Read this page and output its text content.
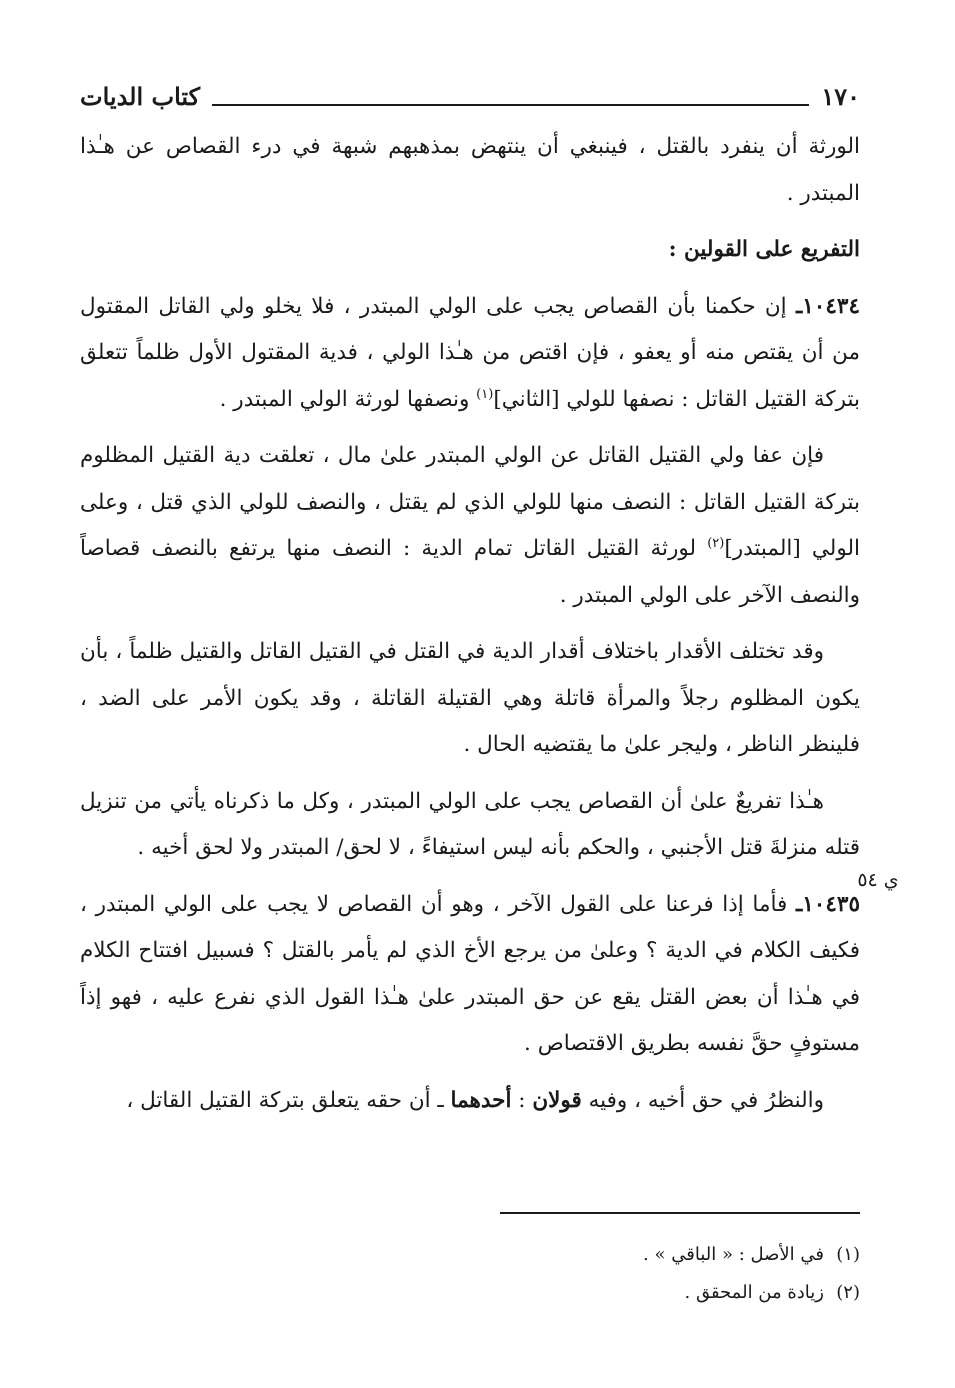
١٧٠
كتاب الديات
ي ٥٤

الورثة أن ينفرد بالقتل ، فينبغي أن ينتهض بمذهبهم شبهة في درء القصاص عن هـٰذا المبتدر .

التفريع على القولين :

١٠٤٣٤ـ إن حكمنا بأن القصاص يجب على الولي المبتدر ، فلا يخلو ولي القاتل المقتول من أن يقتص منه أو يعفو ، فإن اقتص من هـٰذا الولي ، فدية المقتول الأول ظلماً تتعلق بتركة القتيل القاتل : نصفها للولي [الثاني]$^{(١)}$ ونصفها لورثة الولي المبتدر .

فإن عفا ولي القتيل القاتل عن الولي المبتدر علىٰ مال ، تعلقت دية القتيل المظلوم بتركة القتيل القاتل : النصف منها للولي الذي لم يقتل ، والنصف للولي الذي قتل ، وعلى الولي [المبتدر]$^{(٢)}$ لورثة القتيل القاتل تمام الدية : النصف منها يرتفع بالنصف قصاصاً والنصف الآخر على الولي المبتدر .

وقد تختلف الأقدار باختلاف أقدار الدية في القتل في القتيل القاتل والقتيل ظلماً ، بأن يكون المظلوم رجلاً والمرأة قاتلة وهي القتيلة القاتلة ، وقد يكون الأمر على الضد ، فلينظر الناظر ، وليجر علىٰ ما يقتضيه الحال .

هـٰذا تفريعٌ علىٰ أن القصاص يجب على الولي المبتدر ، وكل ما ذكرناه يأتي من تنزيل قتله منزلةَ قتل الأجنبي ، والحكم بأنه ليس استيفاءً ، لا لحق/ المبتدر ولا لحق أخيه .

١٠٤٣٥ـ فأما إذا فرعنا على القول الآخر ، وهو أن القصاص لا يجب على الولي المبتدر ، فكيف الكلام في الدية ؟ وعلىٰ من يرجع الأخ الذي لم يأمر بالقتل ؟ فسبيل افتتاح الكلام في هـٰذا أن بعض القتل يقع عن حق المبتدر علىٰ هـٰذا القول الذي نفرع عليه ، فهو إذاً مستوفٍ حقَّ نفسه بطريق الاقتصاص .

والنظرُ في حق أخيه ، وفيه قولان : أحدهما ـ أن حقه يتعلق بتركة القتيل القاتل ،

(١)في الأصل : « الباقي » .
(٢)زيادة من المحقق .
